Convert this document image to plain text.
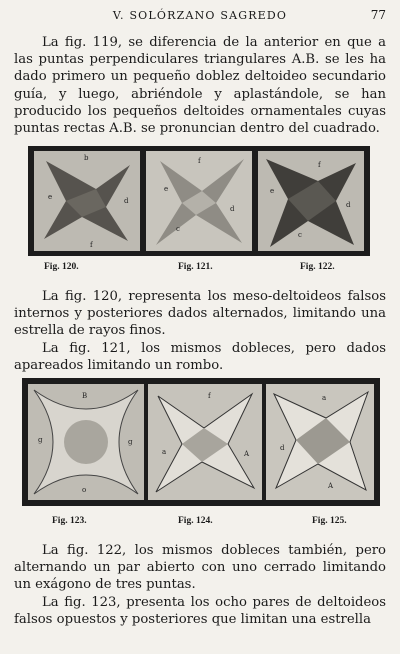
V. SOLÓRZANO SAGREDO	77

La fig. 119, se diferencia de la anterior en que a las puntas perpendiculares triangulares A.B. se les ha dado primero un pequeño doblez deltoideo secundario guía, y luego, abriéndole y aplastándole, se han producido los pequeños deltoides ornamentales cuyas puntas rectas A.B. se pronuncian dentro del cuadrado.

b
e	d
f
f
e
d
c
f
e
d
c
Fig. 120.	Fig. 121.	Fig. 122.

La fig. 120, representa los meso-deltoideos falsos internos y posteriores dados alternados, limitando una estrella de rayos finos.

La fig. 121, los mismos dobleces, pero dados apareados limitando un rombo.

B
g	g
o
f
a	A
a
d
A
Fig. 123.	Fig. 124.	Fig. 125.

La fig. 122, los mismos dobleces también, pero alternando un par abierto con uno cerrado limitando un exágono de tres puntas.

La fig. 123, presenta los ocho pares de deltoideos falsos opuestos y posteriores que limitan una estrella
